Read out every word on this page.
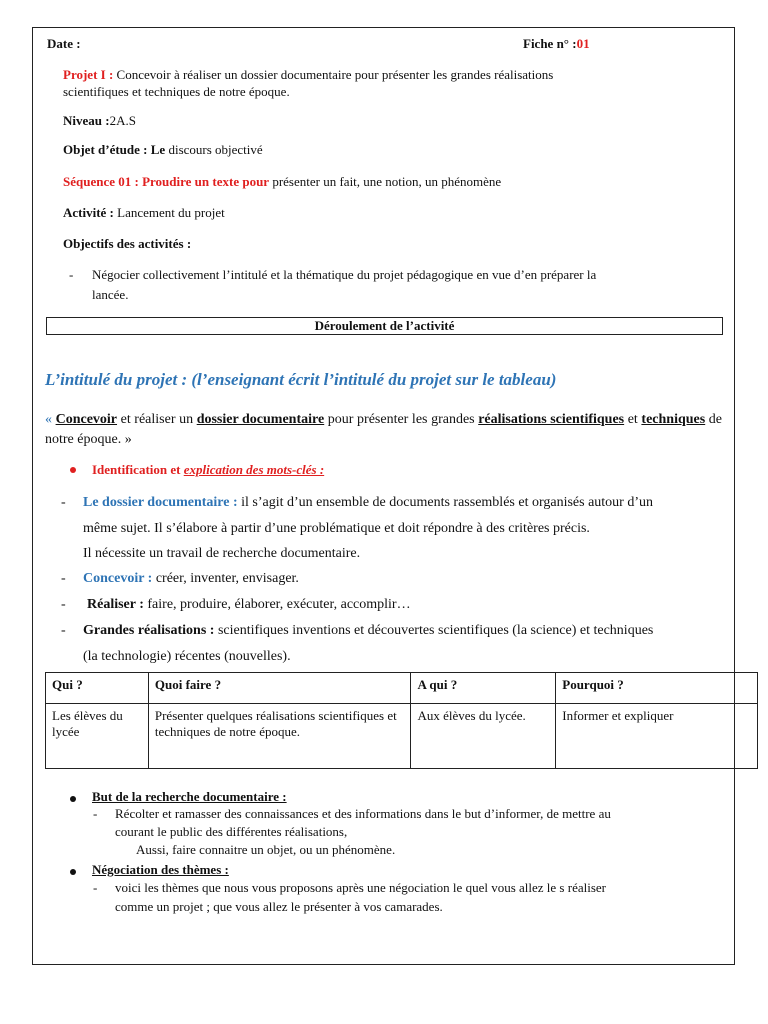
Date :	Fiche n° :01
Projet I : Concevoir à réaliser un dossier documentaire pour présenter les grandes réalisations
scientifiques et techniques de notre époque.
Niveau :2A.S
Objet d’étude : Le discours objectivé
Séquence 01 : Proudire un texte pour présenter un fait, une notion, un phénomène
Activité : Lancement du projet
Objectifs des activités :
- Négocier collectivement l’intitulé et la thématique du projet pédagogique en vue d’en préparer la
lancée.
Déroulement de l’activité
L’intitulé du projet : (l’enseignant écrit l’intitulé du projet sur le tableau)
« Concevoir et réaliser un dossier documentaire pour présenter les grandes réalisations scientifiques et techniques de notre époque. »
Identification et explication des mots-clés :
- Le dossier documentaire : il s’agit d’un ensemble de documents rassemblés et organisés autour d’un
même sujet. Il s’élabore à partir d’une problématique et doit répondre à des critères précis.
Il nécessite un travail de recherche documentaire.
- Concevoir : créer, inventer, envisager.
- Réaliser : faire, produire, élaborer, exécuter, accomplir…
- Grandes réalisations : scientifiques inventions et découvertes scientifiques (la science) et techniques
(la technologie) récentes (nouvelles).
Qui ?	Quoi faire ?	A qui ?	Pourquoi ?
Les élèves du lycée	Présenter quelques réalisations scientifiques et techniques de notre époque.	Aux élèves du lycée.	Informer et expliquer
But de la recherche documentaire :
- Récolter et ramasser des connaissances et des informations dans le but d’informer, de mettre au
courant le public des différentes réalisations,
Aussi, faire connaitre un objet, ou un phénomène.
Négociation des thèmes :
- voici les thèmes que nous vous proposons après une négociation le quel vous allez le s réaliser
comme un projet ; que vous allez le présenter à vos camarades.
